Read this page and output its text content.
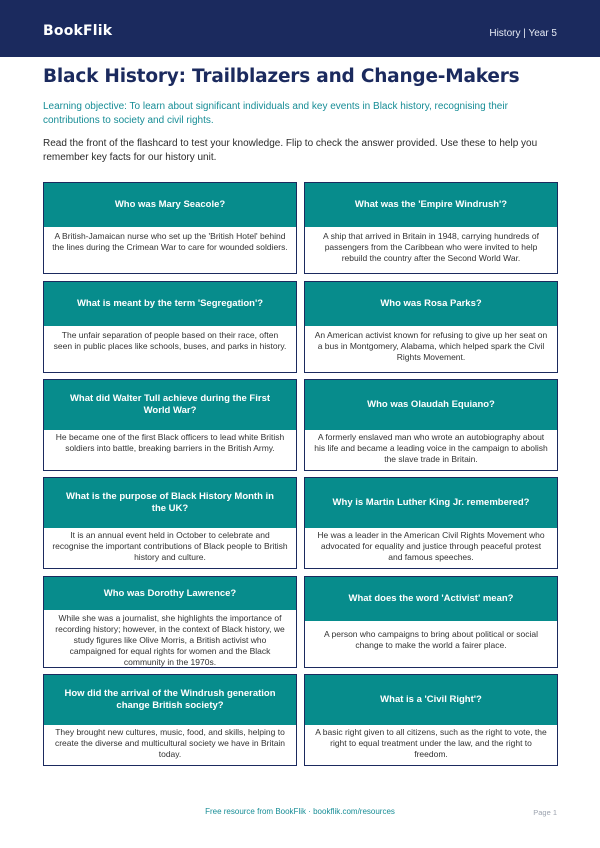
BookFlik	History | Year 5
Black History: Trailblazers and Change-Makers

Learning objective: To learn about significant individuals and key events in Black history, recognising their contributions to society and civil rights.

Read the front of the flashcard to test your knowledge. Flip to check the answer provided. Use these to help you remember key facts for our history unit.

Who was Mary Seacole?
A British-Jamaican nurse who set up the 'British Hotel' behind the lines during the Crimean War to care for wounded soldiers.
What was the 'Empire Windrush'?
A ship that arrived in Britain in 1948, carrying hundreds of passengers from the Caribbean who were invited to help rebuild the country after the Second World War.
What is meant by the term 'Segregation'?
The unfair separation of people based on their race, often seen in public places like schools, buses, and parks in history.
Who was Rosa Parks?
An American activist known for refusing to give up her seat on a bus in Montgomery, Alabama, which helped spark the Civil Rights Movement.
What did Walter Tull achieve during the First World War?
He became one of the first Black officers to lead white British soldiers into battle, breaking barriers in the British Army.
Who was Olaudah Equiano?
A formerly enslaved man who wrote an autobiography about his life and became a leading voice in the campaign to abolish the slave trade in Britain.
What is the purpose of Black History Month in the UK?
It is an annual event held in October to celebrate and recognise the important contributions of Black people to British history and culture.
Why is Martin Luther King Jr. remembered?
He was a leader in the American Civil Rights Movement who advocated for equality and justice through peaceful protest and famous speeches.
Who was Dorothy Lawrence?
While she was a journalist, she highlights the importance of recording history; however, in the context of Black history, we study figures like Olive Morris, a British activist who campaigned for equal rights for women and the Black community in the 1970s.
What does the word 'Activist' mean?
A person who campaigns to bring about political or social change to make the world a fairer place.
How did the arrival of the Windrush generation change British society?
They brought new cultures, music, food, and skills, helping to create the diverse and multicultural society we have in Britain today.
What is a 'Civil Right'?
A basic right given to all citizens, such as the right to vote, the right to equal treatment under the law, and the right to freedom.
Free resource from BookFlik · bookflik.com/resources	Page 1
